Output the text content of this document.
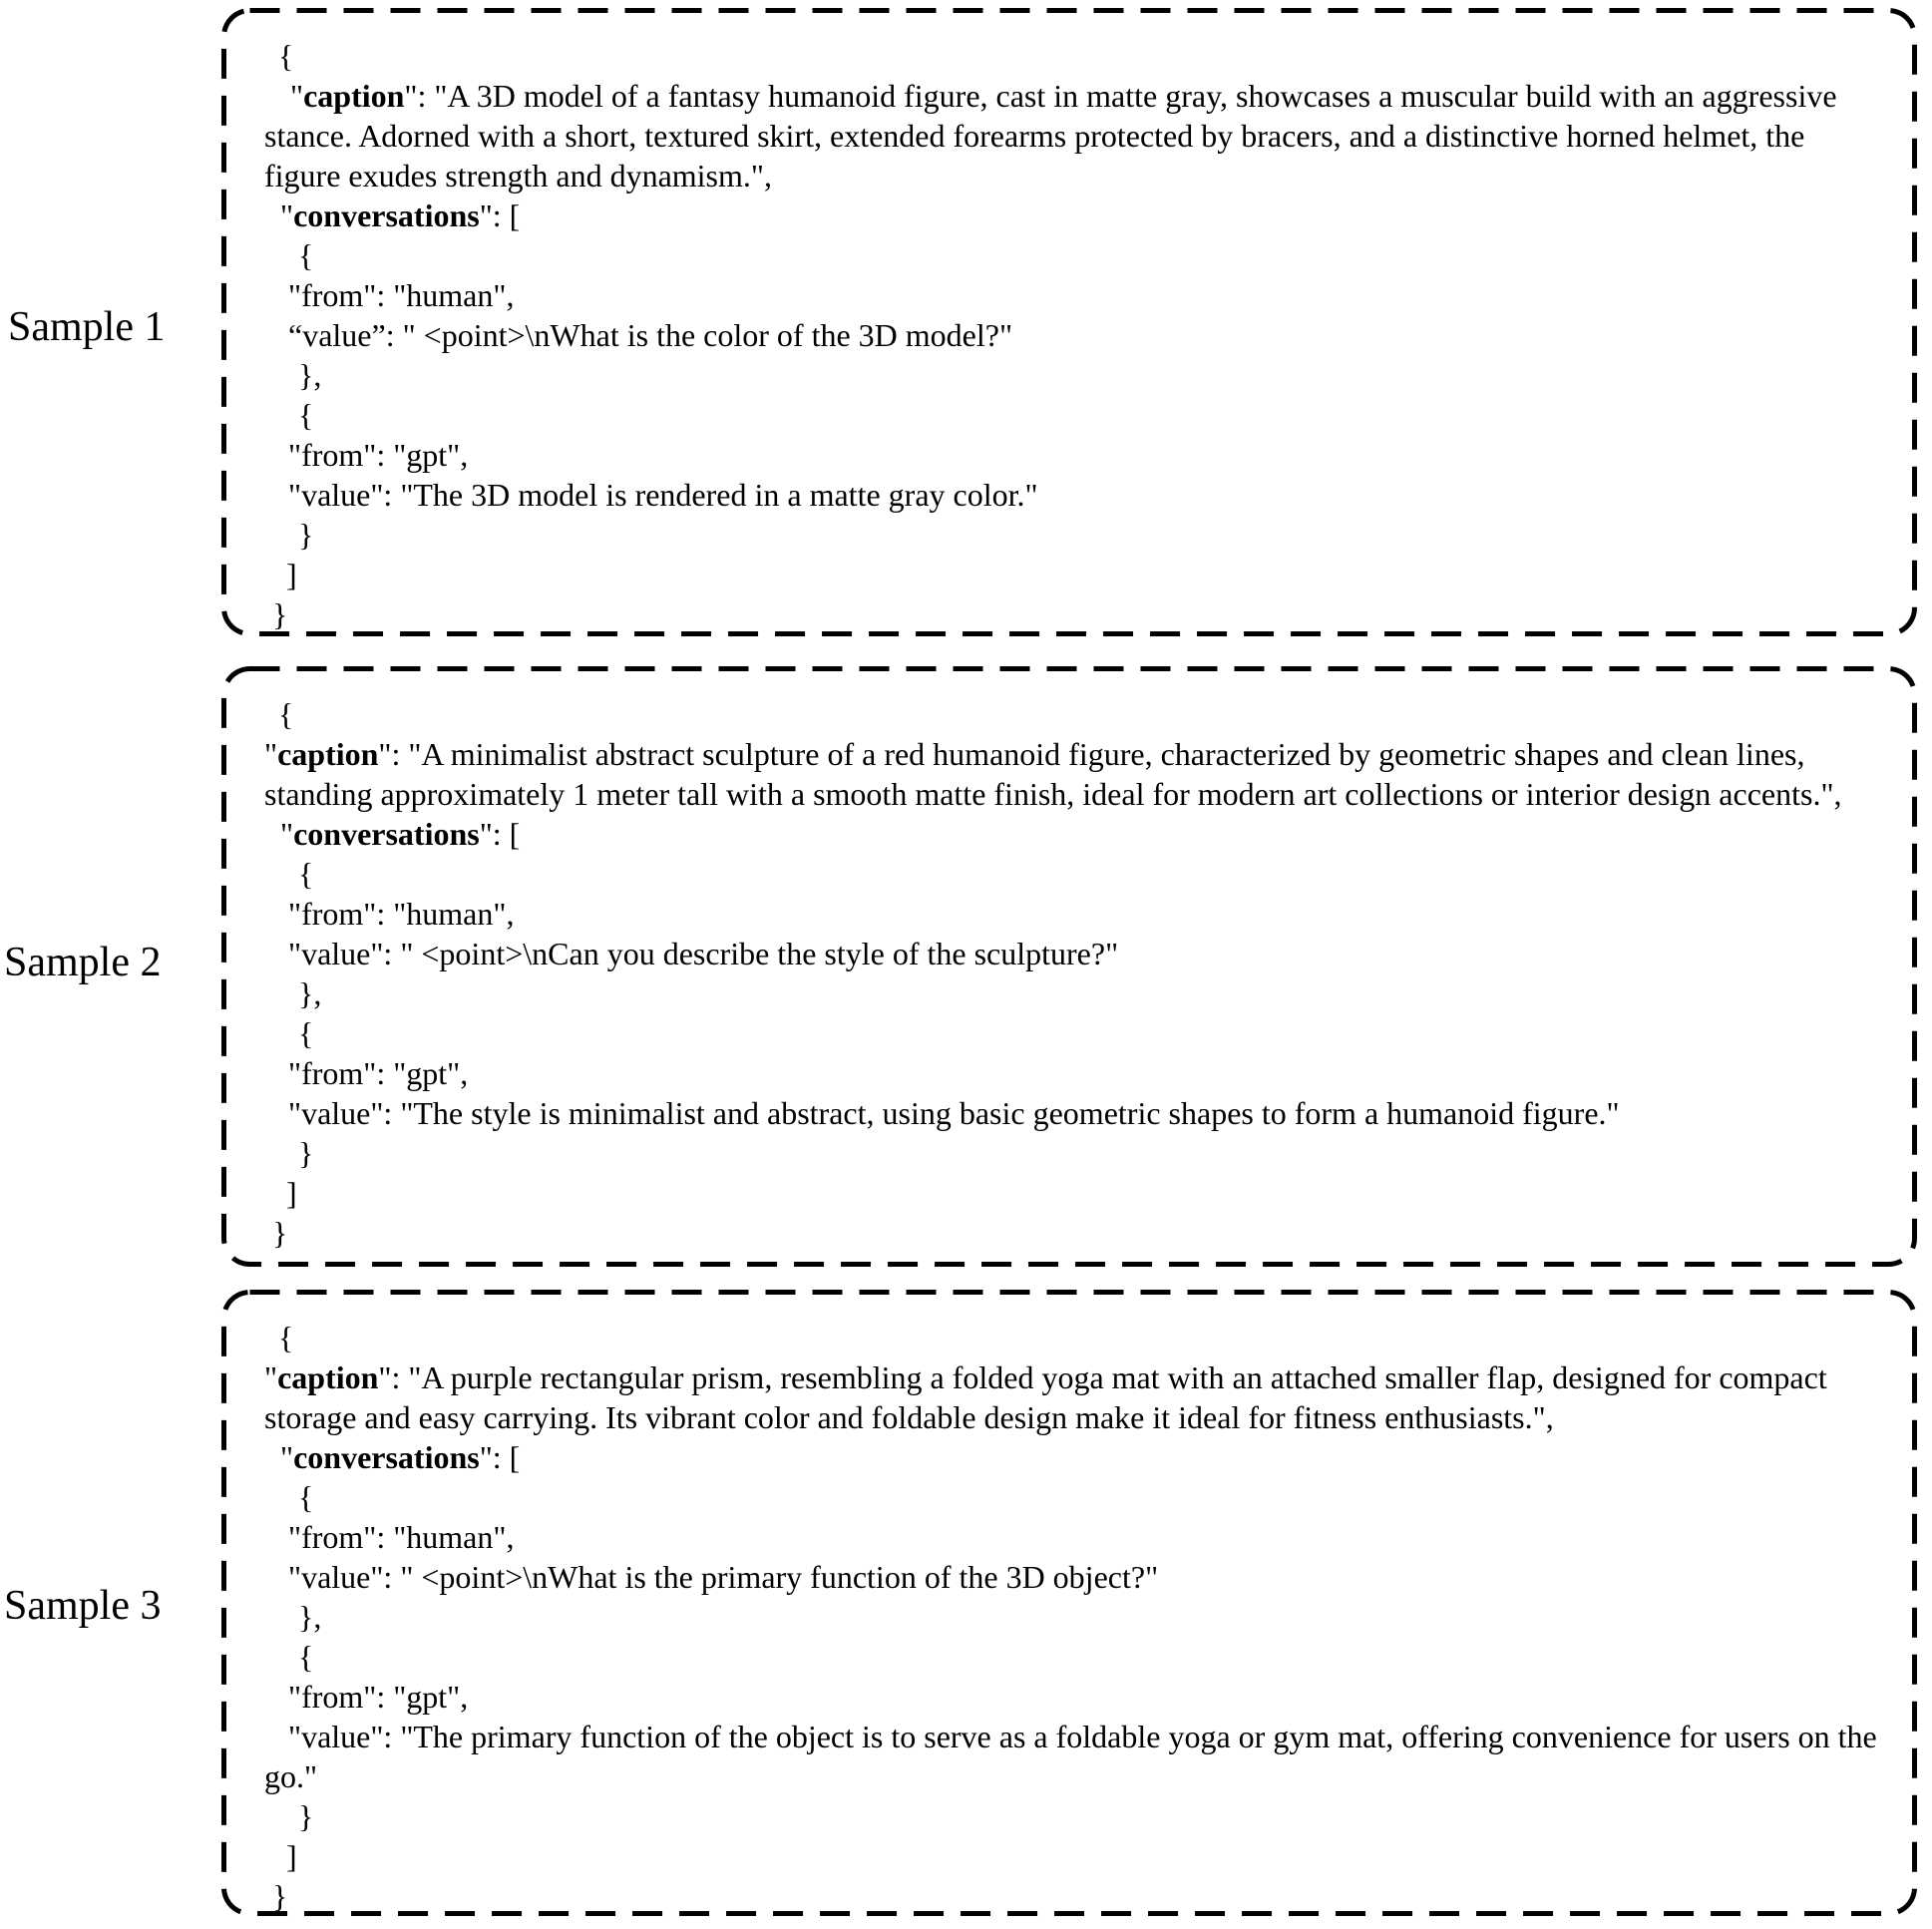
Sample 1
Sample 2
Sample 3
{
"caption": "A 3D model of a fantasy humanoid figure, cast in matte gray, showcases a muscular build with an aggressive stance. Adorned with a short, textured skirt, extended forearms protected by bracers, and a distinctive horned helmet, the figure exudes strength and dynamism.",
"conversations": [
{
"from": "human",
“value”: " <point>\nWhat is the color of the 3D model?"
},
{
"from": "gpt",
"value": "The 3D model is rendered in a matte gray color."
}
]
}
{
"caption": "A minimalist abstract sculpture of a red humanoid figure, characterized by geometric shapes and clean lines, standing approximately 1 meter tall with a smooth matte finish, ideal for modern art collections or interior design accents.",
"conversations": [
{
"from": "human",
"value": " <point>\nCan you describe the style of the sculpture?"
},
{
"from": "gpt",
"value": "The style is minimalist and abstract, using basic geometric shapes to form a humanoid figure."
}
]
}
{
"caption": "A purple rectangular prism, resembling a folded yoga mat with an attached smaller flap, designed for compact storage and easy carrying. Its vibrant color and foldable design make it ideal for fitness enthusiasts.",
"conversations": [
{
"from": "human",
"value": " <point>\nWhat is the primary function of the 3D object?"
},
{
"from": "gpt",
"value": "The primary function of the object is to serve as a foldable yoga or gym mat, offering convenience for users on the go."
}
]
}
